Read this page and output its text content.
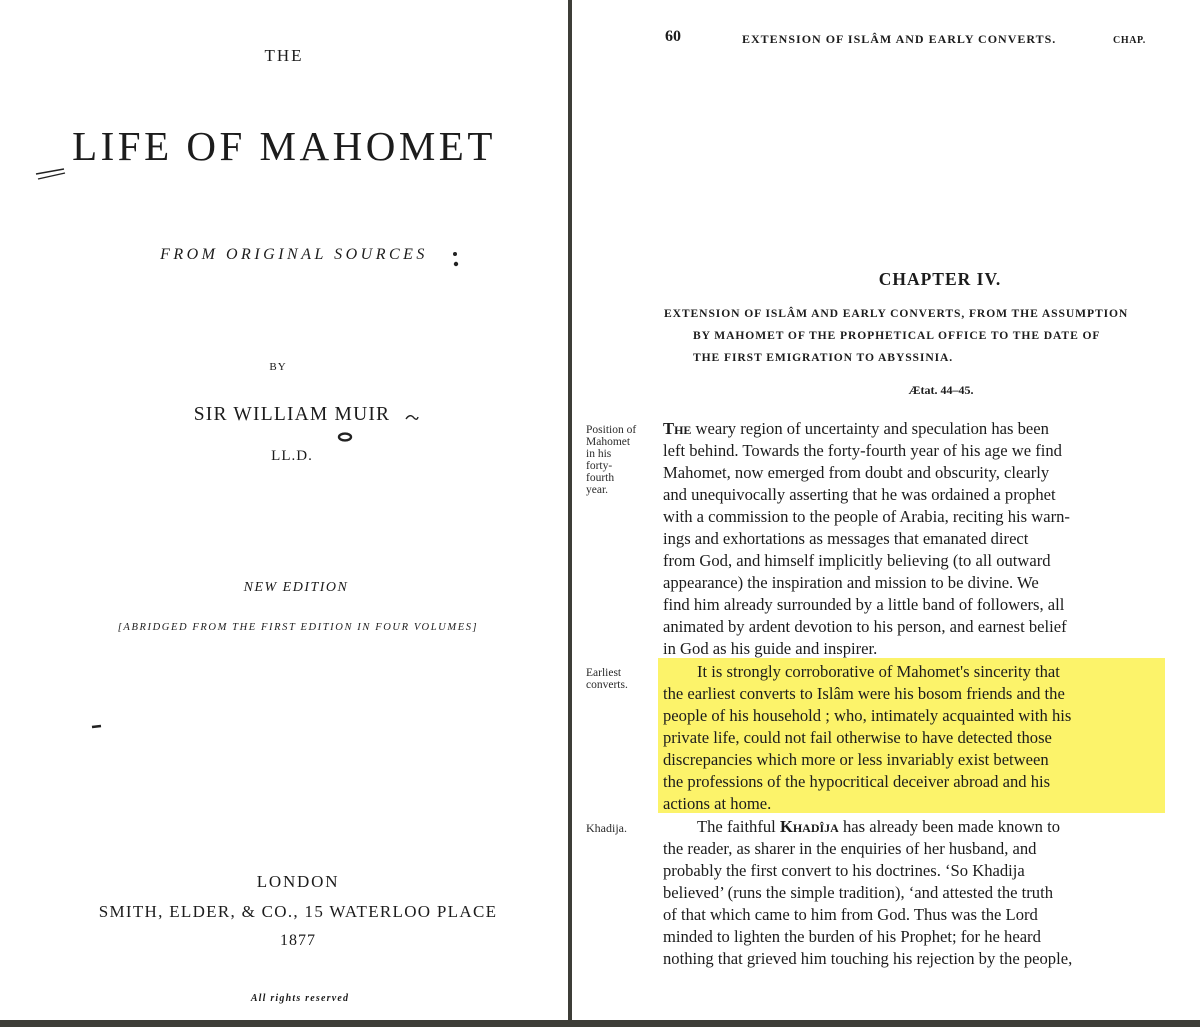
THE
LIFE OF MAHOMET
FROM ORIGINAL SOURCES
BY
SIR WILLIAM MUIR
LL.D.
NEW EDITION
[ABRIDGED FROM THE FIRST EDITION IN FOUR VOLUMES]
LONDON
SMITH, ELDER, & CO., 15 WATERLOO PLACE
1877
All rights reserved
60	EXTENSION OF ISLÂM AND EARLY CONVERTS.	CHAP.
CHAPTER IV.
EXTENSION OF ISLÂM AND EARLY CONVERTS, FROM THE ASSUMPTION
BY MAHOMET OF THE PROPHETICAL OFFICE TO THE DATE OF
THE FIRST EMIGRATION TO ABYSSINIA.
Ætat. 44–45.
Position of
Mahomet
in his
forty-
fourth
year.
Earliest
converts.
Khadija.
The weary region of uncertainty and speculation has been
left behind. Towards the forty-fourth year of his age we find
Mahomet, now emerged from doubt and obscurity, clearly
and unequivocally asserting that he was ordained a prophet
with a commission to the people of Arabia, reciting his warn-
ings and exhortations as messages that emanated direct
from God, and himself implicitly believing (to all outward
appearance) the inspiration and mission to be divine. We
find him already surrounded by a little band of followers, all
animated by ardent devotion to his person, and earnest belief
in God as his guide and inspirer.
It is strongly corroborative of Mahomet's sincerity that
the earliest converts to Islâm were his bosom friends and the
people of his household ; who, intimately acquainted with his
private life, could not fail otherwise to have detected those
discrepancies which more or less invariably exist between
the professions of the hypocritical deceiver abroad and his
actions at home.
The faithful Khadîja has already been made known to
the reader, as sharer in the enquiries of her husband, and
probably the first convert to his doctrines. ‘So Khadija
believed’ (runs the simple tradition), ‘and attested the truth
of that which came to him from God. Thus was the Lord
minded to lighten the burden of his Prophet; for he heard
nothing that grieved him touching his rejection by the people,
